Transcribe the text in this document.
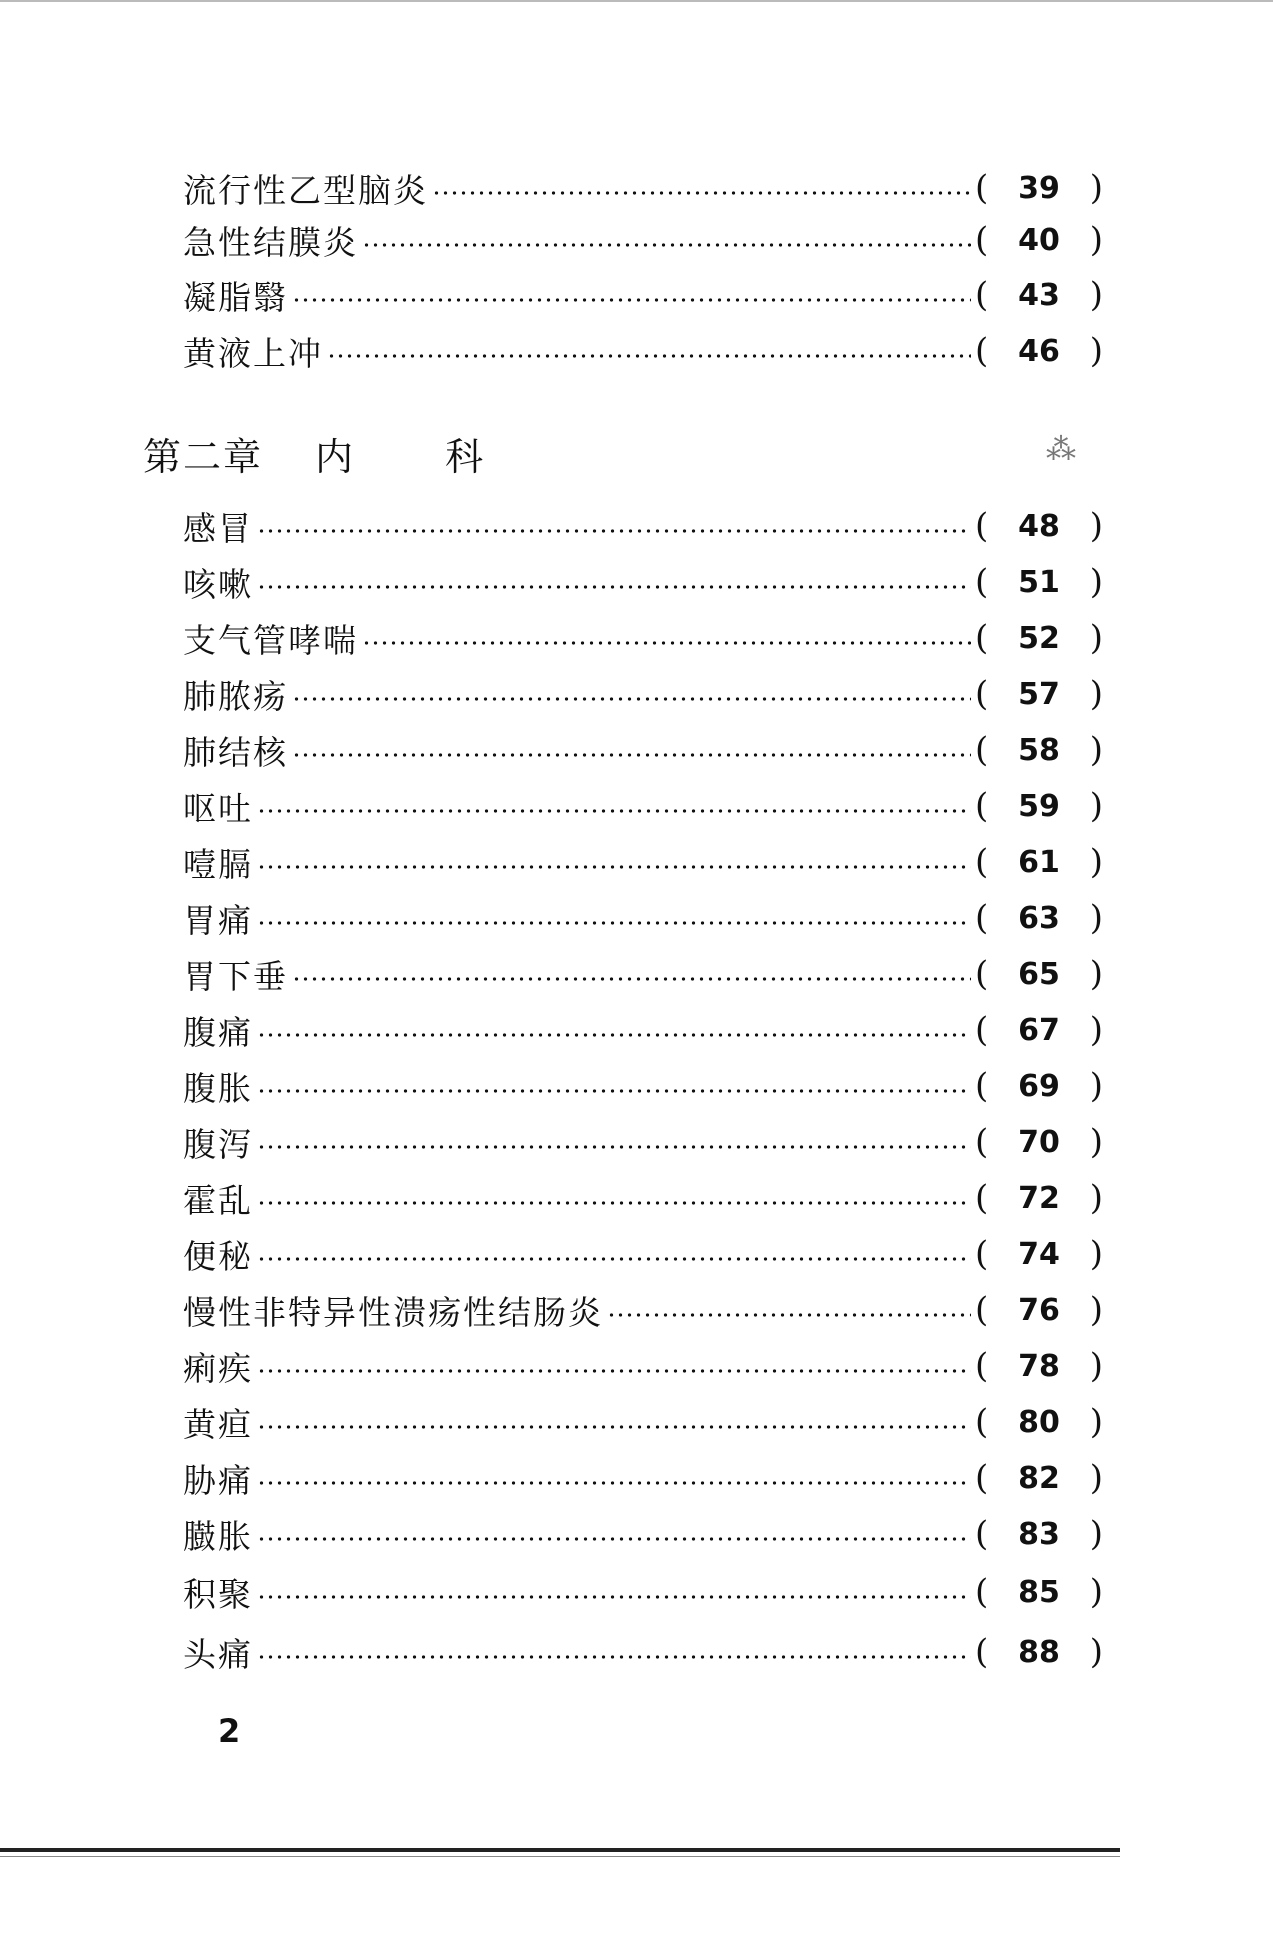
流行性乙型脑炎	( 39 )
急性结膜炎	( 40 )
凝脂翳	( 43 )
黄液上冲	( 46 )
第二章 内 科	⁂
感冒	( 48 )
咳嗽	( 51 )
支气管哮喘	( 52 )
肺脓疡	( 57 )
肺结核	( 58 )
呕吐	( 59 )
噎膈	( 61 )
胃痛	( 63 )
胃下垂	( 65 )
腹痛	( 67 )
腹胀	( 69 )
腹泻	( 70 )
霍乱	( 72 )
便秘	( 74 )
慢性非特异性溃疡性结肠炎	( 76 )
痢疾	( 78 )
黄疸	( 80 )
胁痛	( 82 )
臌胀	( 83 )
积聚	( 85 )
头痛	( 88 )
2
